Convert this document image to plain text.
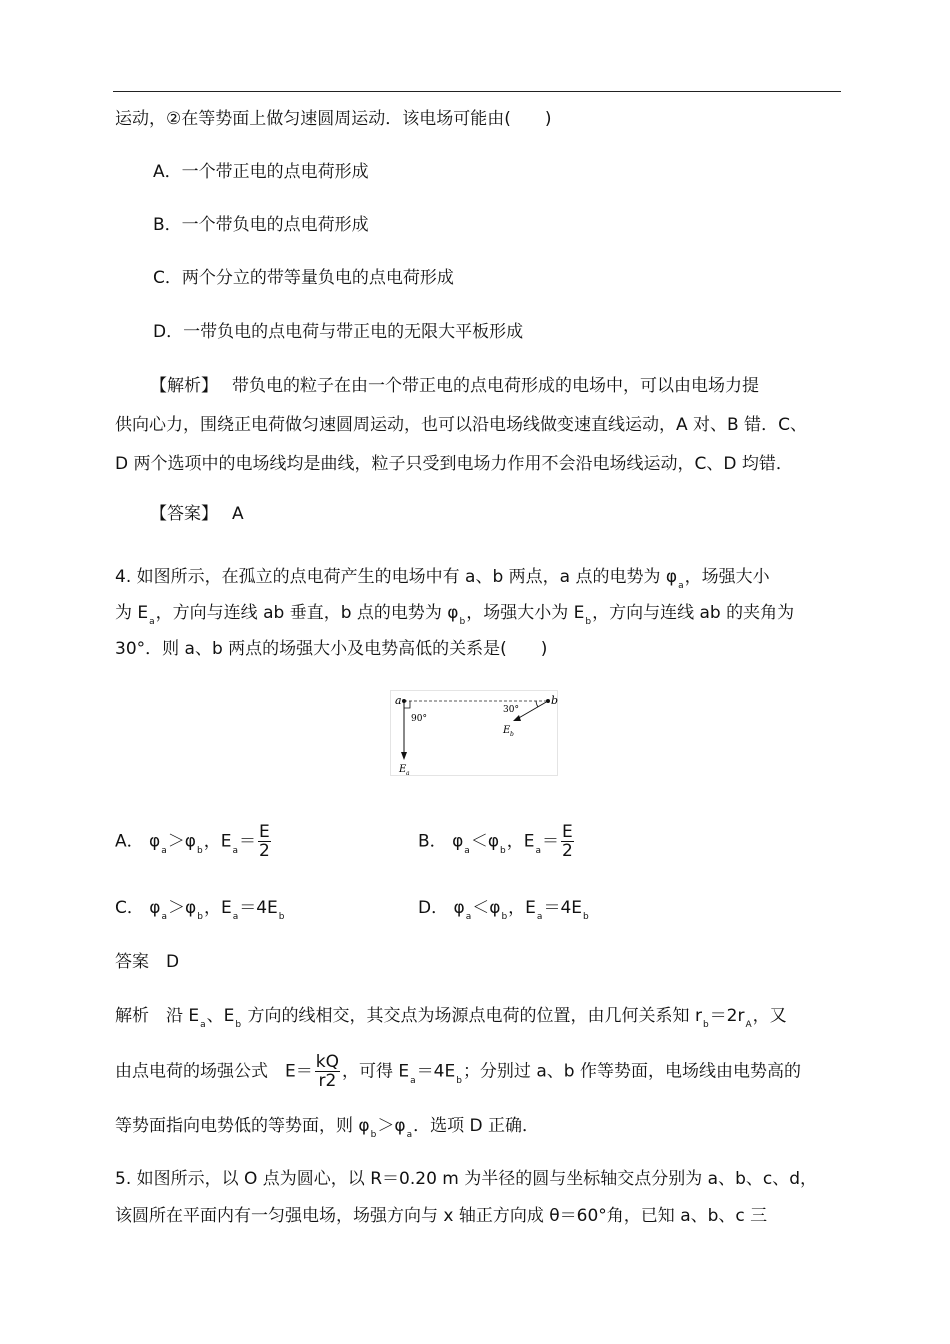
运动，②在等势面上做匀速圆周运动．该电场可能由(　　)
A．一个带正电的点电荷形成
B．一个带负电的点电荷形成
C．两个分立的带等量负电的点电荷形成
D．一带负电的点电荷与带正电的无限大平板形成
【解析】 带负电的粒子在由一个带正电的点电荷形成的电场中，可以由电场力提
供向心力，围绕正电荷做匀速圆周运动，也可以沿电场线做变速直线运动，A 对、B 错．C、
D 两个选项中的电场线均是曲线，粒子只受到电场力作用不会沿电场线运动，C、D 均错．
【答案】 A
4. 如图所示，在孤立的点电荷产生的电场中有 a、b 两点，a 点的电势为 $\varphi_a$，场强大小
为 $E_a$，方向与连线 ab 垂直，b 点的电势为 $\varphi_b$，场强大小为 $E_b$，方向与连线 ab 的夹角为
30°．则 a、b 两点的场强大小及电势高低的关系是(　　)
a	b
90°
30°
E b
E a
A． $\varphi_a>\varphi_b$，$E_a= \frac{E}{2}$	B． $\varphi_a<\varphi_b$，$E_a= \frac{E}{2}$
C． $\varphi_a>\varphi_b$，$E_a=4E_b$	D． $\varphi_a<\varphi_b$，$E_a=4E_b$
答案　D
解析　沿 $E_a$、$E_b$ 方向的线相交，其交点为场源点电荷的位置，由几何关系知 $r_b=2r_A$，又
由点电荷的场强公式　$E= \frac{kQ}{r2}$ ，可得 $E_a=4E_b$；分别过 a、b 作等势面，电场线由电势高的
等势面指向电势低的等势面，则 $\varphi_b>\varphi_a$．选项 D 正确．
5. 如图所示，以 O 点为圆心，以 R＝0.20 m 为半径的圆与坐标轴交点分别为 a、b、c、d，
该圆所在平面内有一匀强电场，场强方向与 x 轴正方向成 θ＝60°角，已知 a、b、c 三
